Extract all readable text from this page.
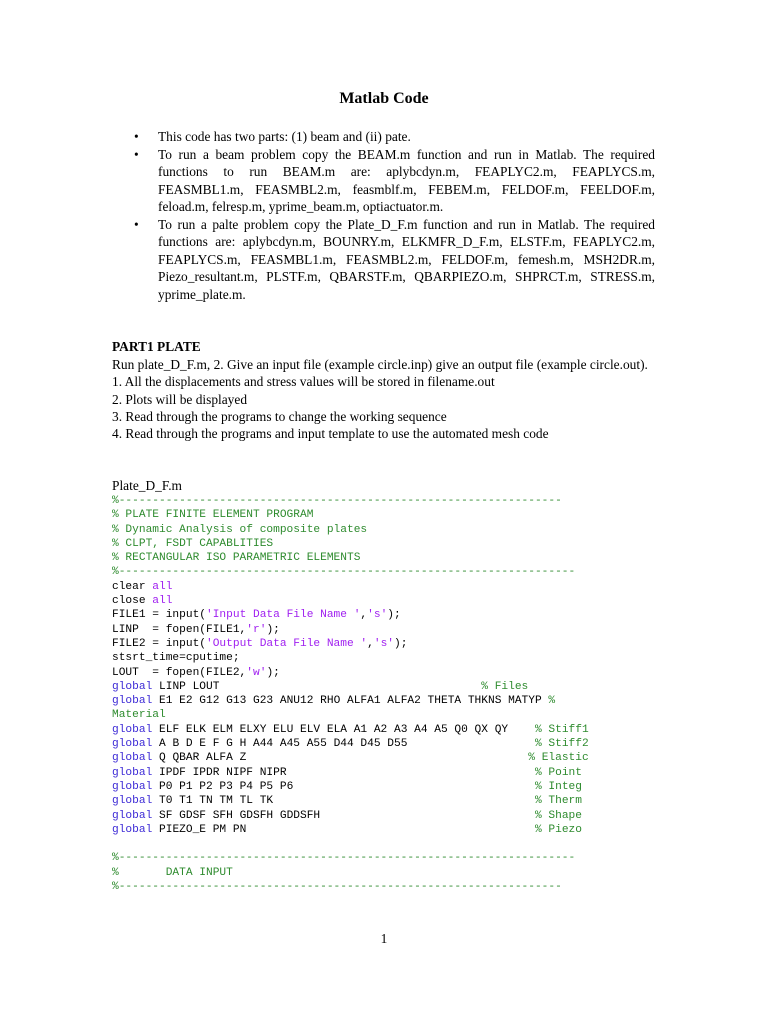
Matlab Code
• This code has two parts: (1) beam and (ii) pate.
• To run a beam problem copy the BEAM.m function and run in Matlab. The required functions to run BEAM.m are: aplybcdyn.m, FEAPLYC2.m, FEAPLYCS.m, FEASMBL1.m, FEASMBL2.m, feasmblf.m, FEBEM.m, FELDOF.m, FEELDOF.m, feload.m, felresp.m, yprime_beam.m, optiactuator.m.
• To run a palte problem copy the Plate_D_F.m function and run in Matlab. The required functions are: aplybcdyn.m, BOUNRY.m, ELKMFR_D_F.m, ELSTF.m, FEAPLYC2.m, FEAPLYCS.m, FEASMBL1.m, FEASMBL2.m, FELDOF.m, femesh.m, MSH2DR.m, Piezo_resultant.m, PLSTF.m, QBARSTF.m, QBARPIEZO.m, SHPRCT.m, STRESS.m, yprime_plate.m.
PART1 PLATE

Run plate_D_F.m, 2. Give an input file (example circle.inp) give an output file (example circle.out).

1. All the displacements and stress values will be stored in filename.out

2. Plots will be displayed

3. Read through the programs to change the working sequence

4. Read through the programs and input template to use the automated mesh code

Plate_D_F.m
%------------------------------------------------------------------
% PLATE FINITE ELEMENT PROGRAM
% Dynamic Analysis of composite plates
% CLPT, FSDT CAPABLITIES
% RECTANGULAR ISO PARAMETRIC ELEMENTS
%--------------------------------------------------------------------
clear all
close all
FILE1 = input('Input Data File Name ','s');
LINP  = fopen(FILE1,'r');
FILE2 = input('Output Data File Name ','s');
stsrt_time=cputime;
LOUT  = fopen(FILE2,'w');
global LINP LOUT                                       % Files
global E1 E2 G12 G13 G23 ANU12 RHO ALFA1 ALFA2 THETA THKNS MATYP %
Material
global ELF ELK ELM ELXY ELU ELV ELA A1 A2 A3 A4 A5 Q0 QX QY    % Stiff1
global A B D E F G H A44 A45 A55 D44 D45 D55                   % Stiff2
global Q QBAR ALFA Z                                          % Elastic
global IPDF IPDR NIPF NIPR                                     % Point
global P0 P1 P2 P3 P4 P5 P6                                    % Integ
global T0 T1 TN TM TL TK                                       % Therm
global SF GDSF SFH GDSFH GDDSFH                                % Shape
global PIEZO_E PM PN                                           % Piezo
%--------------------------------------------------------------------
%       DATA INPUT
%------------------------------------------------------------------
1
